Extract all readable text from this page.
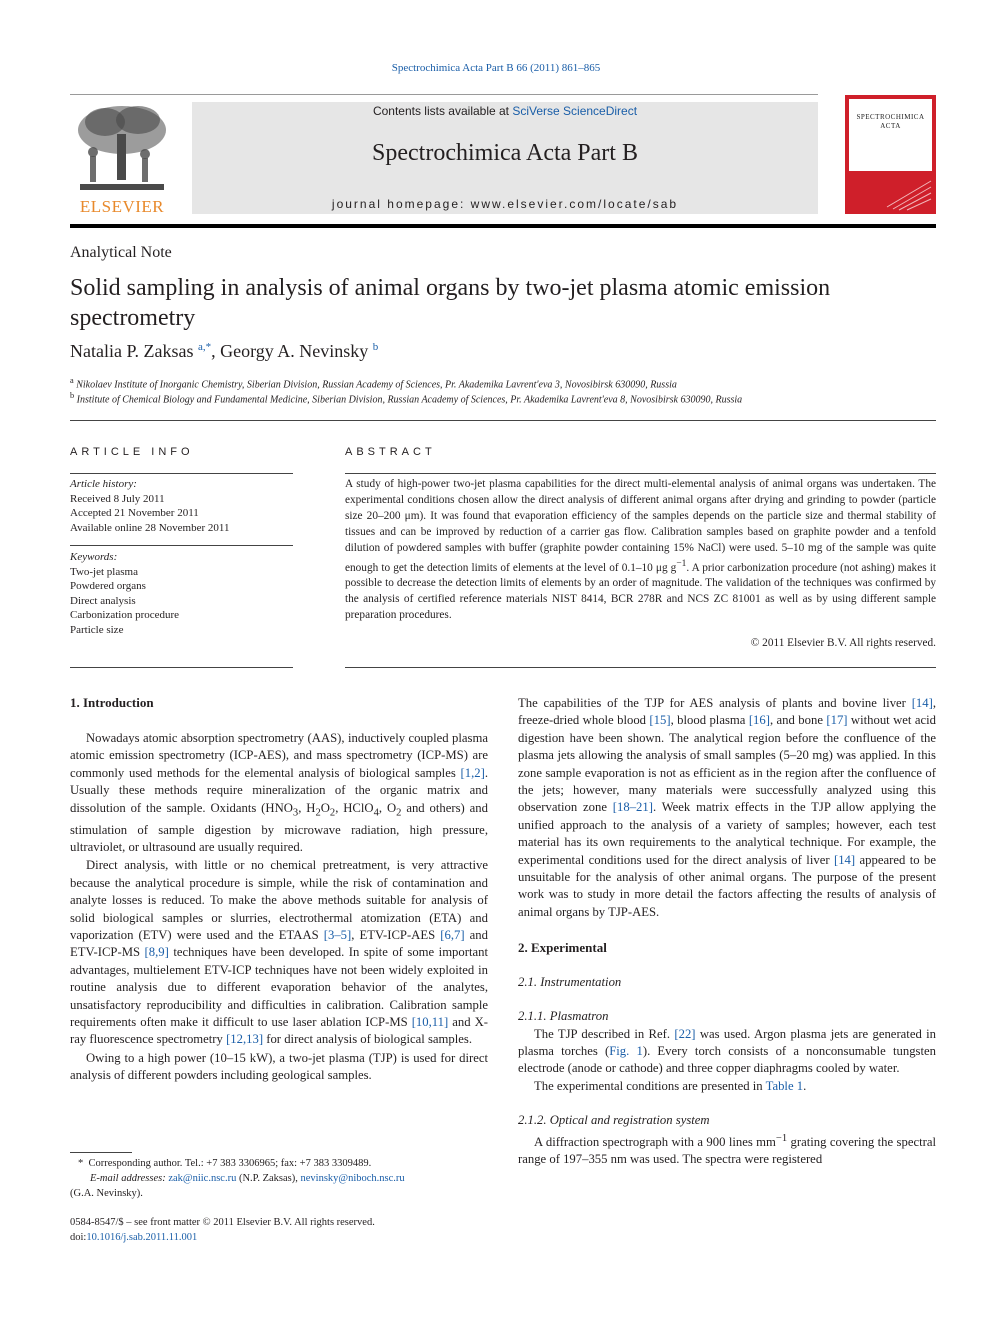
Spectrochimica Acta Part B 66 (2011) 861–865
ELSEVIER
Contents lists available at SciVerse ScienceDirect
Spectrochimica Acta Part B
journal homepage: www.elsevier.com/locate/sab
SPECTROCHIMICA
ACTA
Analytical Note
Solid sampling in analysis of animal organs by two-jet plasma atomic emission spectrometry
Natalia P. Zaksas $^{a,*}$, Georgy A. Nevinsky $^b$
$^a$ Nikolaev Institute of Inorganic Chemistry, Siberian Division, Russian Academy of Sciences, Pr. Akademika Lavrent'eva 3, Novosibirsk 630090, Russia
$^b$ Institute of Chemical Biology and Fundamental Medicine, Siberian Division, Russian Academy of Sciences, Pr. Akademika Lavrent'eva 8, Novosibirsk 630090, Russia
ARTICLE INFO
Article history:
Received 8 July 2011
Accepted 21 November 2011
Available online 28 November 2011
Keywords:
Two-jet plasma
Powdered organs
Direct analysis
Carbonization procedure
Particle size
ABSTRACT
A study of high-power two-jet plasma capabilities for the direct multi-elemental analysis of animal organs was undertaken. The experimental conditions chosen allow the direct analysis of different animal organs after drying and grinding to powder (particle size 20–200 μm). It was found that evaporation efficiency of the samples depends on the particle size and thermal stability of tissues and can be improved by reduction of a carrier gas flow. Calibration samples based on graphite powder and a tenfold dilution of powdered samples with buffer (graphite powder containing 15% NaCl) were used. 5–10 mg of the sample was quite enough to get the detection limits of elements at the level of 0.1–10 μg $g^{-1}$. A prior carbonization procedure (not ashing) makes it possible to decrease the detection limits of elements by an order of magnitude. The validation of the techniques was confirmed by the analysis of certified reference materials NIST 8414, BCR 278R and NCS ZC 81001 as well as by using different sample preparation procedures.
© 2011 Elsevier B.V. All rights reserved.
1. Introduction

Nowadays atomic absorption spectrometry (AAS), inductively coupled plasma atomic emission spectrometry (ICP-AES), and mass spectrometry (ICP-MS) are commonly used methods for the elemental analysis of biological samples [1,2]. Usually these methods require mineralization of the organic matrix and dissolution of the sample. Oxidants ($HNO_3$, $H_2O_2$, HClO$_4$, $O_2$ and others) and stimulation of sample digestion by microwave radiation, high pressure, ultraviolet, or ultrasound are usually required.

Direct analysis, with little or no chemical pretreatment, is very attractive because the analytical procedure is simple, while the risk of contamination and analyte losses is reduced. To make the above methods suitable for analysis of solid biological samples or slurries, electrothermal atomization (ETA) and vaporization (ETV) were used and the ETAAS [3–5], ETV-ICP-AES [6,7] and ETV-ICP-MS [8,9] techniques have been developed. In spite of some important advantages, multielement ETV-ICP techniques have not been widely exploited in routine analysis due to different evaporation behavior of the analytes, unsatisfactory reproducibility and difficulties in calibration. Calibration sample requirements often make it difficult to use laser ablation ICP-MS [10,11] and X-ray fluorescence spectrometry [12,13] for direct analysis of biological samples.

Owing to a high power (10–15 kW), a two-jet plasma (TJP) is used for direct analysis of different powders including geological samples.

The capabilities of the TJP for AES analysis of plants and bovine liver [14], freeze-dried whole blood [15], blood plasma [16], and bone [17] without wet acid digestion have been shown. The analytical region before the confluence of the plasma jets allowing the analysis of small samples (5–20 mg) was applied. In this zone sample evaporation is not as efficient as in the region after the confluence of the jets; however, many materials were successfully analyzed using this observation zone [18–21]. Week matrix effects in the TJP allow applying the unified approach to the analysis of a variety of samples; however, each test material has its own requirements to the analytical technique. For example, the experimental conditions used for the direct analysis of liver [14] appeared to be unsuitable for the analysis of other animal organs. The purpose of the present work was to study in more detail the factors affecting the results of analysis of animal organs by TJP-AES.

2. Experimental
2.1. Instrumentation
2.1.1. Plasmatron

The TJP described in Ref. [22] was used. Argon plasma jets are generated in plasma torches (Fig. 1). Every torch consists of a nonconsumable tungsten electrode (anode or cathode) and three copper diaphragms cooled by water.

The experimental conditions are presented in Table 1.

2.1.2. Optical and registration system

A diffraction spectrograph with a 900 lines $mm^{-1}$ grating covering the spectral range of 197–355 nm was used. The spectra were registered

* Corresponding author. Tel.: +7 383 3306965; fax: +7 383 3309489.
E-mail addresses: zak@niic.nsc.ru (N.P. Zaksas), nevinsky@niboch.nsc.ru
(G.A. Nevinsky).
0584-8547/$ – see front matter © 2011 Elsevier B.V. All rights reserved.
doi:10.1016/j.sab.2011.11.001
